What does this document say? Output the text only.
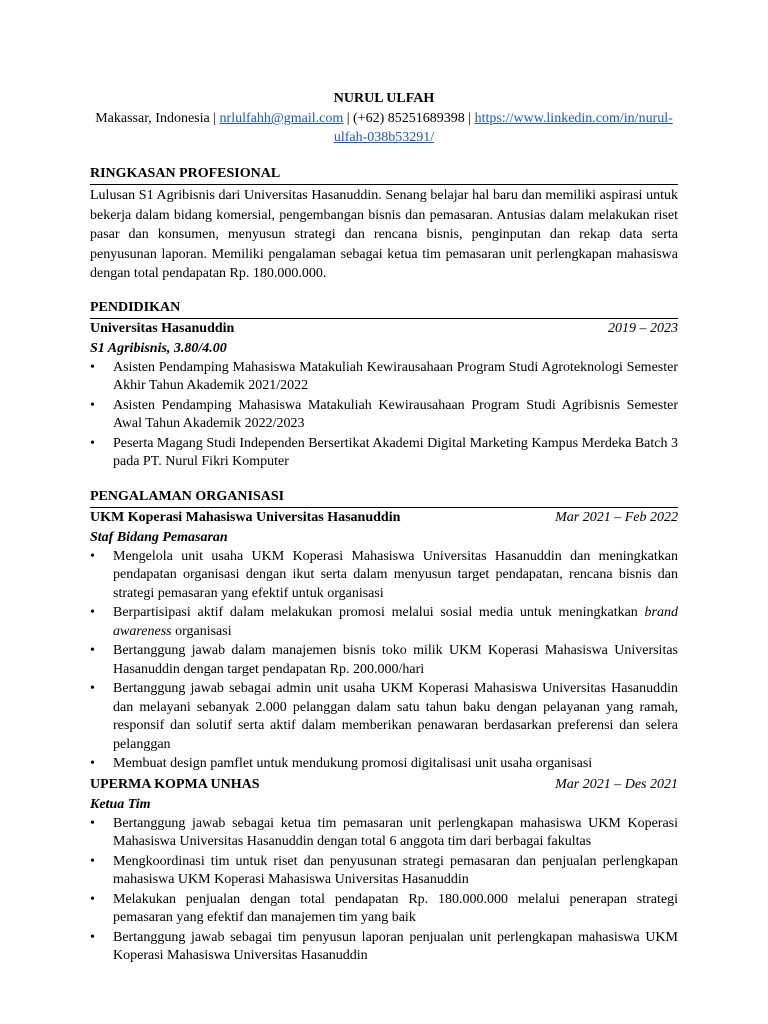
NURUL ULFAH
Makassar, Indonesia | nrlulfahh@gmail.com | (+62) 85251689398 | https://www.linkedin.com/in/nurul-
ulfah-038b53291/
RINGKASAN PROFESIONAL
Lulusan S1 Agribisnis dari Universitas Hasanuddin. Senang belajar hal baru dan memiliki aspirasi untuk bekerja dalam bidang komersial, pengembangan bisnis dan pemasaran. Antusias dalam melakukan riset pasar dan konsumen, menyusun strategi dan rencana bisnis, penginputan dan rekap data serta penyusunan laporan. Memiliki pengalaman sebagai ketua tim pemasaran unit perlengkapan mahasiswa dengan total pendapatan Rp. 180.000.000.
PENDIDIKAN
Universitas Hasanuddin	2019 – 2023
S1 Agribisnis, 3.80/4.00
• Asisten Pendamping Mahasiswa Matakuliah Kewirausahaan Program Studi Agroteknologi Semester Akhir Tahun Akademik 2021/2022
• Asisten Pendamping Mahasiswa Matakuliah Kewirausahaan Program Studi Agribisnis Semester Awal Tahun Akademik 2022/2023
• Peserta Magang Studi Independen Bersertikat Akademi Digital Marketing Kampus Merdeka Batch 3 pada PT. Nurul Fikri Komputer
PENGALAMAN ORGANISASI
UKM Koperasi Mahasiswa Universitas Hasanuddin	Mar 2021 – Feb 2022
Staf Bidang Pemasaran
• Mengelola unit usaha UKM Koperasi Mahasiswa Universitas Hasanuddin dan meningkatkan pendapatan organisasi dengan ikut serta dalam menyusun target pendapatan, rencana bisnis dan strategi pemasaran yang efektif untuk organisasi
• Berpartisipasi aktif dalam melakukan promosi melalui sosial media untuk meningkatkan brand awareness organisasi
• Bertanggung jawab dalam manajemen bisnis toko milik UKM Koperasi Mahasiswa Universitas Hasanuddin dengan target pendapatan Rp. 200.000/hari
• Bertanggung jawab sebagai admin unit usaha UKM Koperasi Mahasiswa Universitas Hasanuddin dan melayani sebanyak 2.000 pelanggan dalam satu tahun baku dengan pelayanan yang ramah, responsif dan solutif serta aktif dalam memberikan penawaran berdasarkan preferensi dan selera pelanggan
• Membuat design pamflet untuk mendukung promosi digitalisasi unit usaha organisasi
UPERMA KOPMA UNHAS	Mar 2021 – Des 2021
Ketua Tim
• Bertanggung jawab sebagai ketua tim pemasaran unit perlengkapan mahasiswa UKM Koperasi Mahasiswa Universitas Hasanuddin dengan total 6 anggota tim dari berbagai fakultas
• Mengkoordinasi tim untuk riset dan penyusunan strategi pemasaran dan penjualan perlengkapan mahasiswa UKM Koperasi Mahasiswa Universitas Hasanuddin
• Melakukan penjualan dengan total pendapatan Rp. 180.000.000 melalui penerapan strategi pemasaran yang efektif dan manajemen tim yang baik
• Bertanggung jawab sebagai tim penyusun laporan penjualan unit perlengkapan mahasiswa UKM Koperasi Mahasiswa Universitas Hasanuddin
